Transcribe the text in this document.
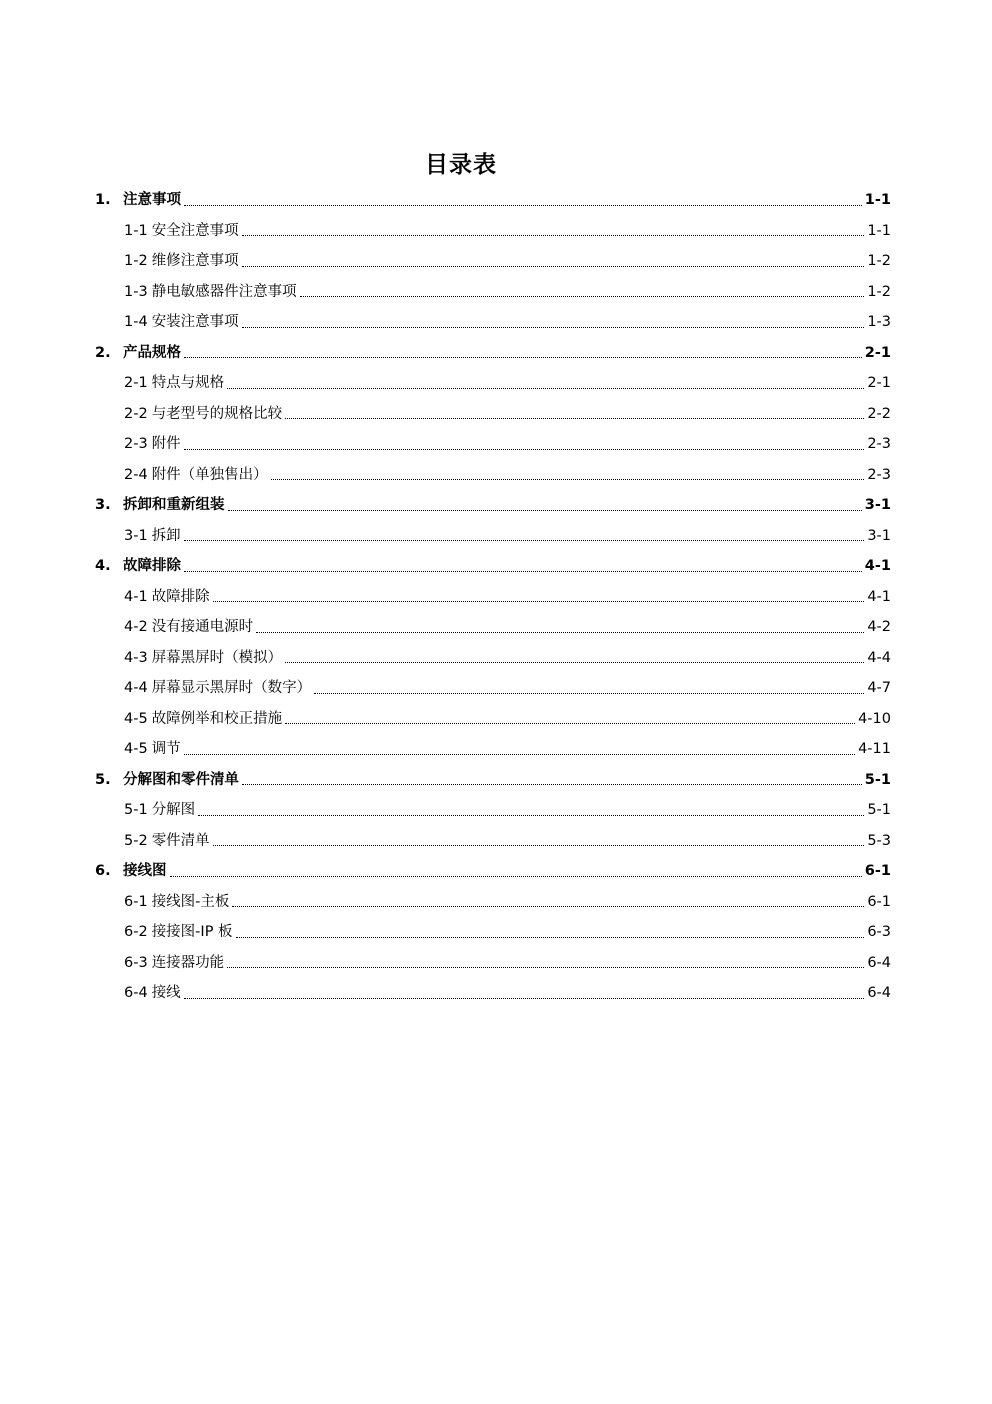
目录表
1. 注意事项	1-1
1-1 安全注意事项	1-1
1-2 维修注意事项	1-2
1-3 静电敏感器件注意事项	1-2
1-4 安装注意事项	1-3
2. 产品规格	2-1
2-1 特点与规格	2-1
2-2 与老型号的规格比较	2-2
2-3 附件	2-3
2-4 附件（单独售出）	2-3
3. 拆卸和重新组装	3-1
3-1 拆卸	3-1
4. 故障排除	4-1
4-1 故障排除	4-1
4-2 没有接通电源时	4-2
4-3 屏幕黑屏时（模拟）	4-4
4-4 屏幕显示黑屏时（数字）	4-7
4-5 故障例举和校正措施	4-10
4-5 调节	4-11
5. 分解图和零件清单	5-1
5-1 分解图	5-1
5-2 零件清单	5-3
6. 接线图	6-1
6-1 接线图-主板	6-1
6-2 接接图-IP 板	6-3
6-3 连接器功能	6-4
6-4 接线	6-4
